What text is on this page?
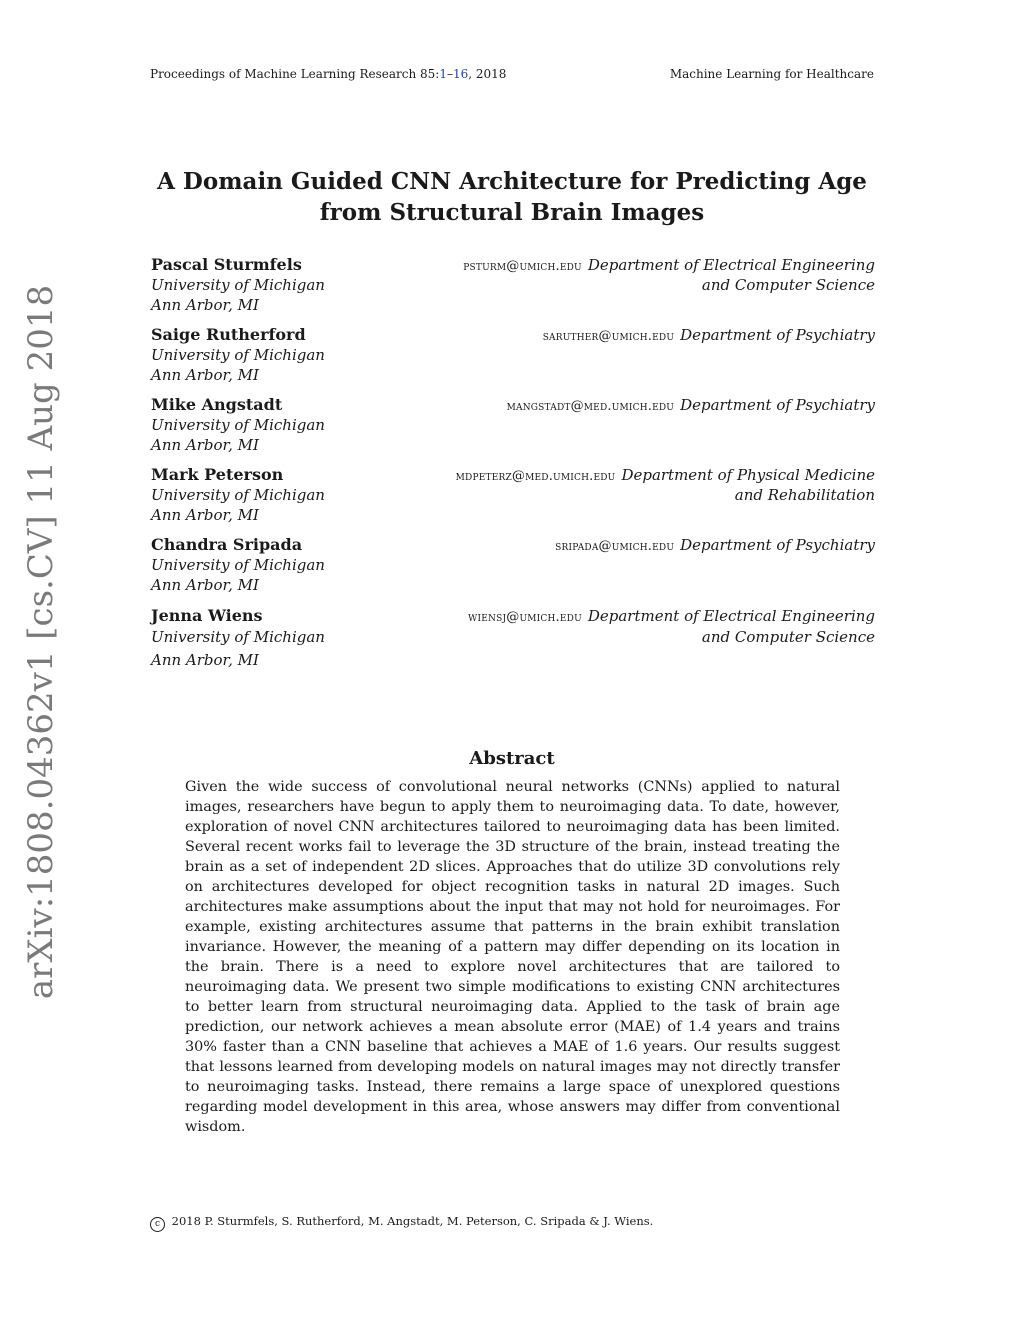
Proceedings of Machine Learning Research 85:1–16, 2018	Machine Learning for Healthcare
arXiv:1808.04362v1 [cs.CV] 11 Aug 2018
A Domain Guided CNN Architecture for Predicting Age
from Structural Brain Images
Pascal Sturmfels	psturm@umich.edu Department of Electrical Engineering
University of Michigan	and Computer Science
Ann Arbor, MI
Saige Rutherford	saruther@umich.edu Department of Psychiatry
University of Michigan
Ann Arbor, MI
Mike Angstadt	mangstadt@med.umich.edu Department of Psychiatry
University of Michigan
Ann Arbor, MI
Mark Peterson	mdpeterz@med.umich.edu Department of Physical Medicine
University of Michigan	and Rehabilitation
Ann Arbor, MI
Chandra Sripada	sripada@umich.edu Department of Psychiatry
University of Michigan
Ann Arbor, MI
Jenna Wiens	wiensj@umich.edu Department of Electrical Engineering
University of Michigan	and Computer Science
Ann Arbor, MI
Abstract
Given the wide success of convolutional neural networks (CNNs) applied to natural images, researchers have begun to apply them to neuroimaging data. To date, however, exploration of novel CNN architectures tailored to neuroimaging data has been limited. Several recent works fail to leverage the 3D structure of the brain, instead treating the brain as a set of independent 2D slices. Approaches that do utilize 3D convolutions rely on architectures developed for object recognition tasks in natural 2D images. Such architectures make assumptions about the input that may not hold for neuroimages. For example, existing architectures assume that patterns in the brain exhibit translation invariance. However, the meaning of a pattern may differ depending on its location in the brain. There is a need to explore novel architectures that are tailored to neuroimaging data. We present two simple modifications to existing CNN architectures to better learn from structural neuroimaging data. Applied to the task of brain age prediction, our network achieves a mean absolute error (MAE) of 1.4 years and trains 30% faster than a CNN baseline that achieves a MAE of 1.6 years. Our results suggest that lessons learned from developing models on natural images may not directly transfer to neuroimaging tasks. Instead, there remains a large space of unexplored questions regarding model development in this area, whose answers may differ from conventional wisdom.
c 2018 P. Sturmfels, S. Rutherford, M. Angstadt, M. Peterson, C. Sripada & J. Wiens.
